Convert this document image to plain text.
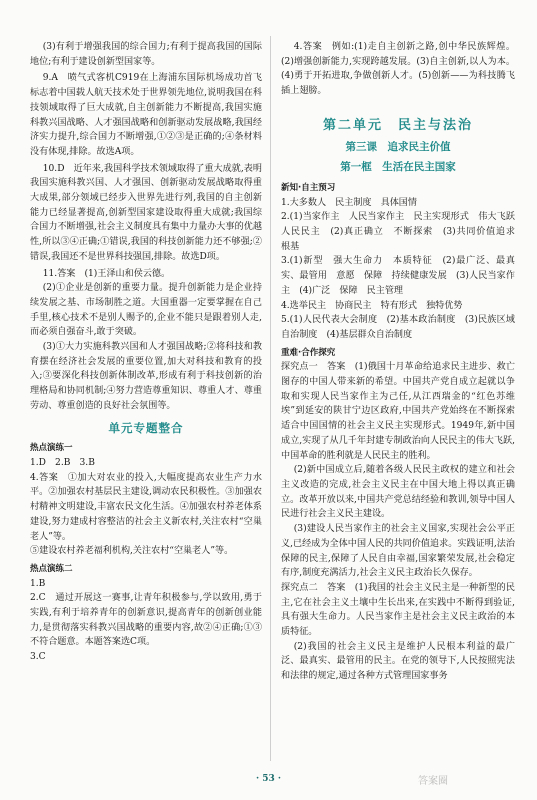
(3)有利于增强我国的综合国力;有利于提高我国的国际地位;有利于建设创新型国家等。

9.A　喷气式客机C919在上海浦东国际机场成功首飞标志着中国载人航天技术处于世界领先地位,说明我国在科技领域取得了巨大成就,自主创新能力不断提高,我国实施科教兴国战略、人才强国战略和创新驱动发展战略,我国经济实力提升,综合国力不断增强,①②③是正确的;④条材料没有体现,排除。故选A项。

10.D　近年来,我国科学技术领域取得了重大成就,表明我国实施科教兴国、人才强国、创新驱动发展战略取得重大成果,部分领域已经步入世界先进行列,我国的自主创新能力已经显著提高,创新型国家建设取得重大成就;我国综合国力不断增强,社会主义制度具有集中力量办大事的优越性,所以③④正确;①错误,我国的科技创新能力还不够强;②错误,我国还不是世界科技强国,排除。故选D项。

11.答案　(1)王泽山和侯云德。

(2)①企业是创新的重要力量。提升创新能力是企业持续发展之基、市场制胜之道。大国重器一定要掌握在自己手里,核心技术不是别人赐予的,企业不能只是跟着别人走,而必须自强奋斗,敢于突破。

(3)①大力实施科教兴国和人才强国战略;②将科技和教育摆在经济社会发展的重要位置,加大对科技和教育的投入;③要深化科技创新体制改革,形成有利于科技创新的治理格局和协同机制;④努力营造尊重知识、尊重人才、尊重劳动、尊重创造的良好社会氛围等。

单元专题整合

热点演练一

1.D　2.B　3.B

4.答案　①加大对农业的投入,大幅度提高农业生产力水平。②加强农村基层民主建设,调动农民积极性。③加强农村精神文明建设,丰富农民文化生活。④加强农村养老体系建设,努力建成村容整洁的社会主义新农村,关注农村“空巢老人”等。

⑤建设农村养老福利机构,关注农村“空巢老人”等。

热点演练二

1.B

2.C　通过开展这一赛事,让青年积极参与,学以致用,勇于实践,有利于培养青年的创新意识,提高青年的创新创业能力,是贯彻落实科教兴国战略的重要内容,故②④正确;①③不符合题意。本题答案选C项。

3.C

4.答案　例如:(1)走自主创新之路,创中华民族辉煌。(2)增强创新能力,实现跨越发展。(3)自主创新,以人为本。(4)勇于开拓进取,争做创新人才。(5)创新——为科技腾飞插上翅膀。

第二单元　民主与法治
第三课　追求民主价值
第一框　生活在民主国家

新知·自主预习

1.大多数人　民主制度　具体国情

2.(1)当家作主　人民当家作主　民主实现形式　伟大飞跃　人民民主　(2)真正确立　不断探索　(3)共同价值追求　根基

3.(1)新型　强大生命力　本质特征　(2)最广泛、最真实、最管用　意愿　保障　持续健康发展　(3)人民当家作主　(4)广泛　保障　民主管理

4.选举民主　协商民主　特有形式　独特优势

5.(1)人民代表大会制度　(2)基本政治制度　(3)民族区域自治制度　(4)基层群众自治制度

重难·合作探究

探究点一　答案　(1)俄国十月革命给追求民主进步、救亡图存的中国人带来新的希望。中国共产党自成立起就以争取和实现人民当家作主为己任,从江西瑞金的“红色苏维埃”到延安的陕甘宁边区政府,中国共产党始终在不断探索适合中国国情的社会主义民主实现形式。1949年,新中国成立,实现了从几千年封建专制政治向人民民主的伟大飞跃,中国革命的胜利就是人民民主的胜利。

(2)新中国成立后,随着各级人民民主政权的建立和社会主义改造的完成,社会主义民主在中国大地上得以真正确立。改革开放以来,中国共产党总结经验和教训,领导中国人民进行社会主义民主建设。

(3)建设人民当家作主的社会主义国家,实现社会公平正义,已经成为全体中国人民的共同价值追求。实践证明,法治保障的民主,保障了人民自由幸福,国家繁荣发展,社会稳定有序,制度充满活力,社会主义民主政治长久保存。

探究点二　答案　(1)我国的社会主义民主是一种新型的民主,它在社会主义土壤中生长出来,在实践中不断得到验证,具有强大生命力。人民当家作主是社会主义民主政治的本质特征。

(2)我国的社会主义民主是维护人民根本利益的最广泛、最真实、最管用的民主。在党的领导下,人民按照宪法和法律的规定,通过各种方式管理国家事务

· 53 ·	答案圈
